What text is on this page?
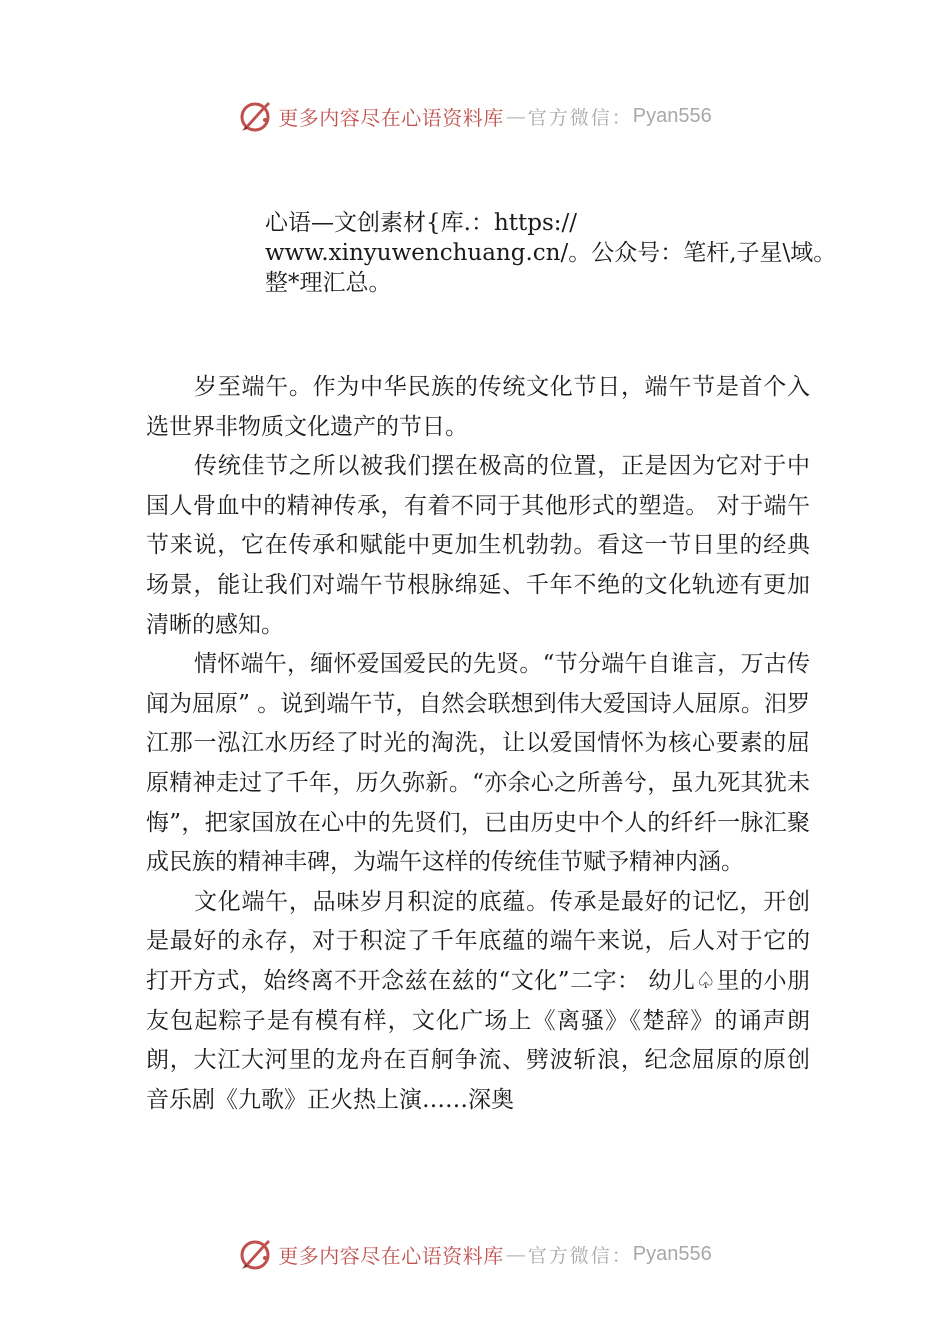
更多内容尽在心语资料库 — 官方微信： Pyan556
心语—文创素材{库.：https://
www.xinyuwenchuang.cn/。公众号：笔杆,子星\域。
整*理汇总。

岁至端午。作为中华民族的传统文化节日，端午节是首个入选世界非物质文化遗产的节日。

传统佳节之所以被我们摆在极高的位置，正是因为它对于中国人骨血中的精神传承，有着不同于其他形式的塑造。 对于端午节来说，它在传承和赋能中更加生机勃勃。看这一节日里的经典场景，能让我们对端午节根脉绵延、千年不绝的文化轨迹有更加清晰的感知。

情怀端午，缅怀爱国爱民的先贤。“节分端午自谁言，万古传闻为屈原” 。说到端午节，自然会联想到伟大爱国诗人屈原。汨罗江那一泓江水历经了时光的淘洗，让以爱国情怀为核心要素的屈原精神走过了千年，历久弥新。“亦余心之所善兮，虽九死其犹未悔”，把家国放在心中的先贤们，已由历史中个人的纤纤一脉汇聚成民族的精神丰碑，为端午这样的传统佳节赋予精神内涵。

文化端午，品味岁月积淀的底蕴。传承是最好的记忆，开创是最好的永存，对于积淀了千年底蕴的端午来说，后人对于它的打开方式，始终离不开念兹在兹的“文化”二字： 幼儿♤里的小朋友包起粽子是有模有样，文化广场上《离骚》《楚辞》的诵声朗朗，大江大河里的龙舟在百舸争流、劈波斩浪，纪念屈原的原创音乐剧《九歌》正火热上演……深奥

更多内容尽在心语资料库 — 官方微信： Pyan556
